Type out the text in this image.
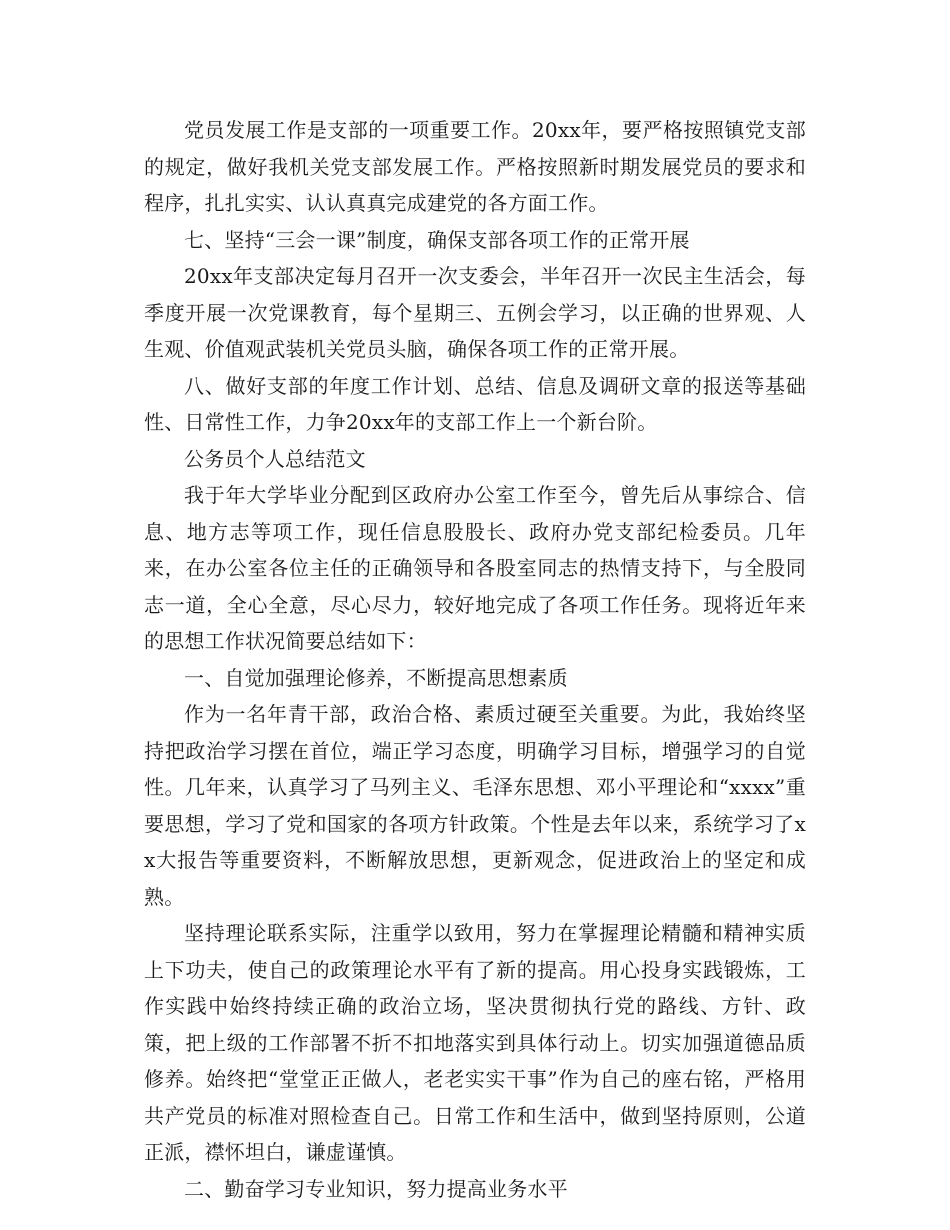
党员发展工作是支部的一项重要工作。20xx年，要严格按照镇党支部的规定，做好我机关党支部发展工作。严格按照新时期发展党员的要求和程序，扎扎实实、认认真真完成建党的各方面工作。

七、坚持“三会一课”制度，确保支部各项工作的正常开展

20xx年支部决定每月召开一次支委会，半年召开一次民主生活会，每季度开展一次党课教育，每个星期三、五例会学习，以正确的世界观、人生观、价值观武装机关党员头脑，确保各项工作的正常开展。

八、做好支部的年度工作计划、总结、信息及调研文章的报送等基础性、日常性工作，力争20xx年的支部工作上一个新台阶。

公务员个人总结范文

我于年大学毕业分配到区政府办公室工作至今，曾先后从事综合、信息、地方志等项工作，现任信息股股长、政府办党支部纪检委员。几年来，在办公室各位主任的正确领导和各股室同志的热情支持下，与全股同志一道，全心全意，尽心尽力，较好地完成了各项工作任务。现将近年来的思想工作状况简要总结如下：

一、自觉加强理论修养，不断提高思想素质

作为一名年青干部，政治合格、素质过硬至关重要。为此，我始终坚持把政治学习摆在首位，端正学习态度，明确学习目标，增强学习的自觉性。几年来，认真学习了马列主义、毛泽东思想、邓小平理论和“xxxx”重要思想，学习了党和国家的各项方针政策。个性是去年以来，系统学习了xx大报告等重要资料，不断解放思想，更新观念，促进政治上的坚定和成熟。

坚持理论联系实际，注重学以致用，努力在掌握理论精髓和精神实质上下功夫，使自己的政策理论水平有了新的提高。用心投身实践锻炼，工作实践中始终持续正确的政治立场，坚决贯彻执行党的路线、方针、政策，把上级的工作部署不折不扣地落实到具体行动上。切实加强道德品质修养。始终把“堂堂正正做人，老老实实干事”作为自己的座右铭，严格用共产党员的标准对照检查自己。日常工作和生活中，做到坚持原则，公道正派，襟怀坦白，谦虚谨慎。

二、勤奋学习专业知识，努力提高业务水平
